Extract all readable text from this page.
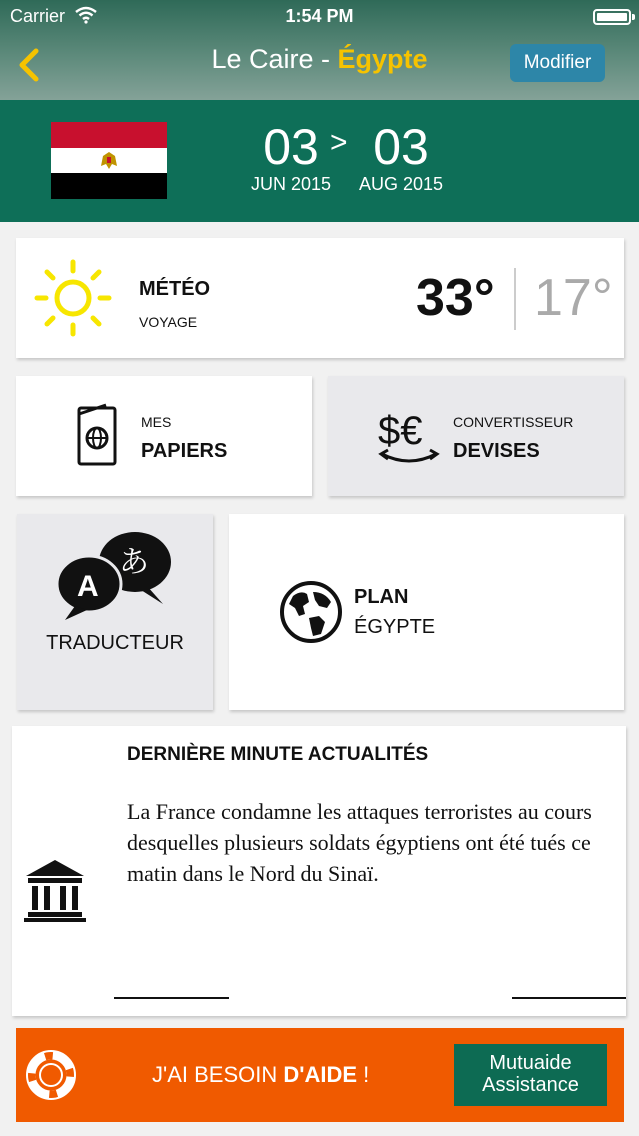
Carrier	1:54 PM
Le Caire - Égypte	Modifier
03
JUN 2015
> 03
AUG 2015
MÉTÉO
VOYAGE	33° 17°
MES
PAPIERS	$€ CONVERTISSEUR
DEVISES
あ
A
TRADUCTEUR
PLAN
ÉGYPTE
DERNIÈRE MINUTE ACTUALITÉS

La France condamne les attaques terroristes au cours desquelles plusieurs soldats égyptiens ont été tués ce matin dans le Nord du Sinaï.

J'AI BESOIN D'AIDE !	Mutuaide
Assistance
